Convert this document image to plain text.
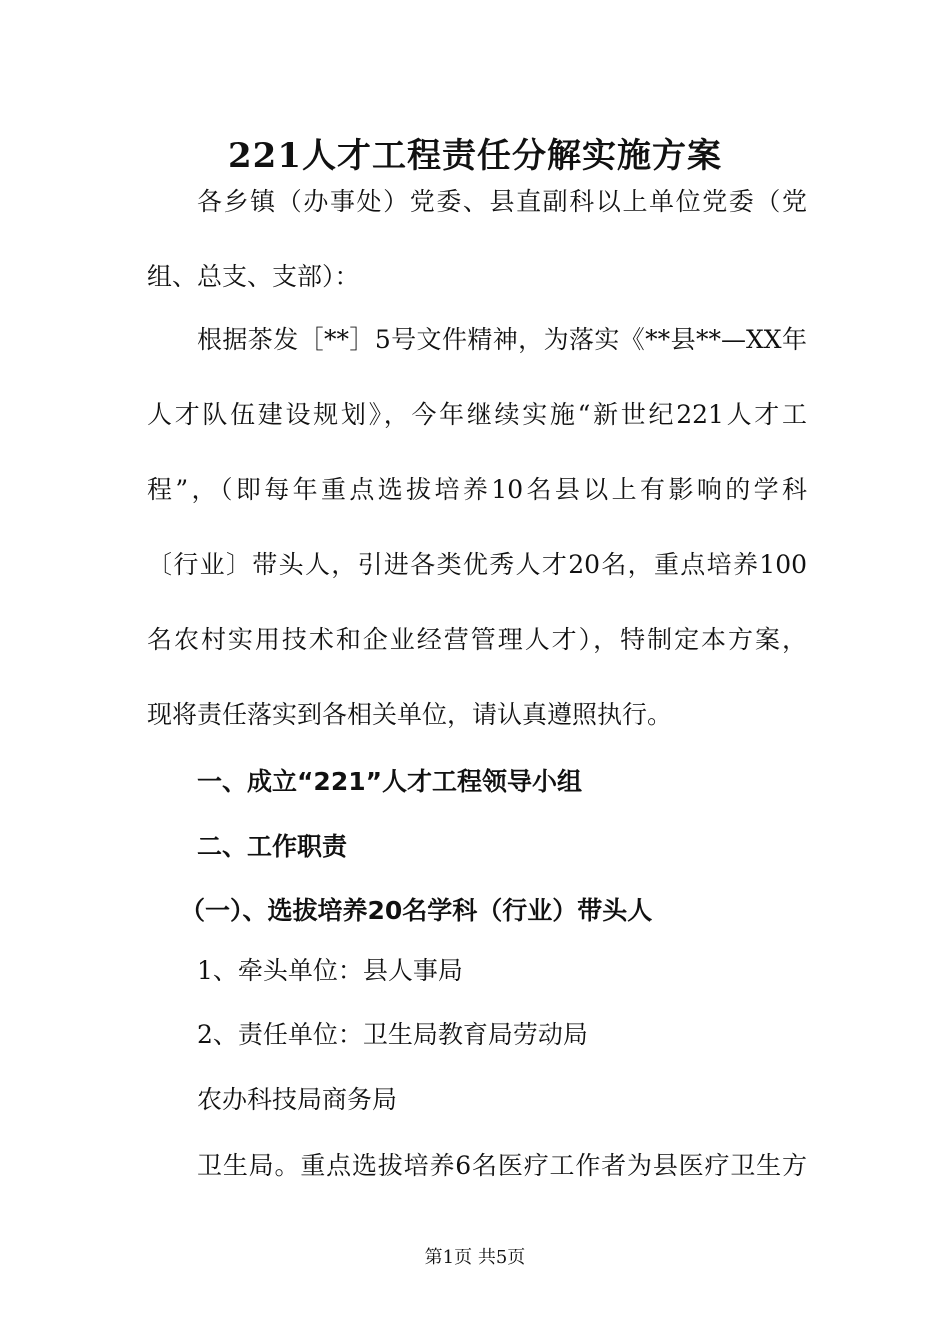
221人才工程责任分解实施方案
各乡镇（办事处）党委、县直副科以上单位党委（党
组、总支、支部）：
根据茶发［**］5号文件精神，为落实《**县**—XX年
人才队伍建设规划》，今年继续实施“新世纪221人才工
程”，（即每年重点选拔培养10名县以上有影响的学科
〔行业〕带头人，引进各类优秀人才20名，重点培养100
名农村实用技术和企业经营管理人才），特制定本方案，
现将责任落实到各相关单位，请认真遵照执行。
一、成立“221”人才工程领导小组
二、工作职责
（一）、选拔培养20名学科（行业）带头人
1、牵头单位：县人事局
2、责任单位：卫生局教育局劳动局
农办科技局商务局
卫生局。重点选拔培养6名医疗工作者为县医疗卫生方
第1页 共5页
